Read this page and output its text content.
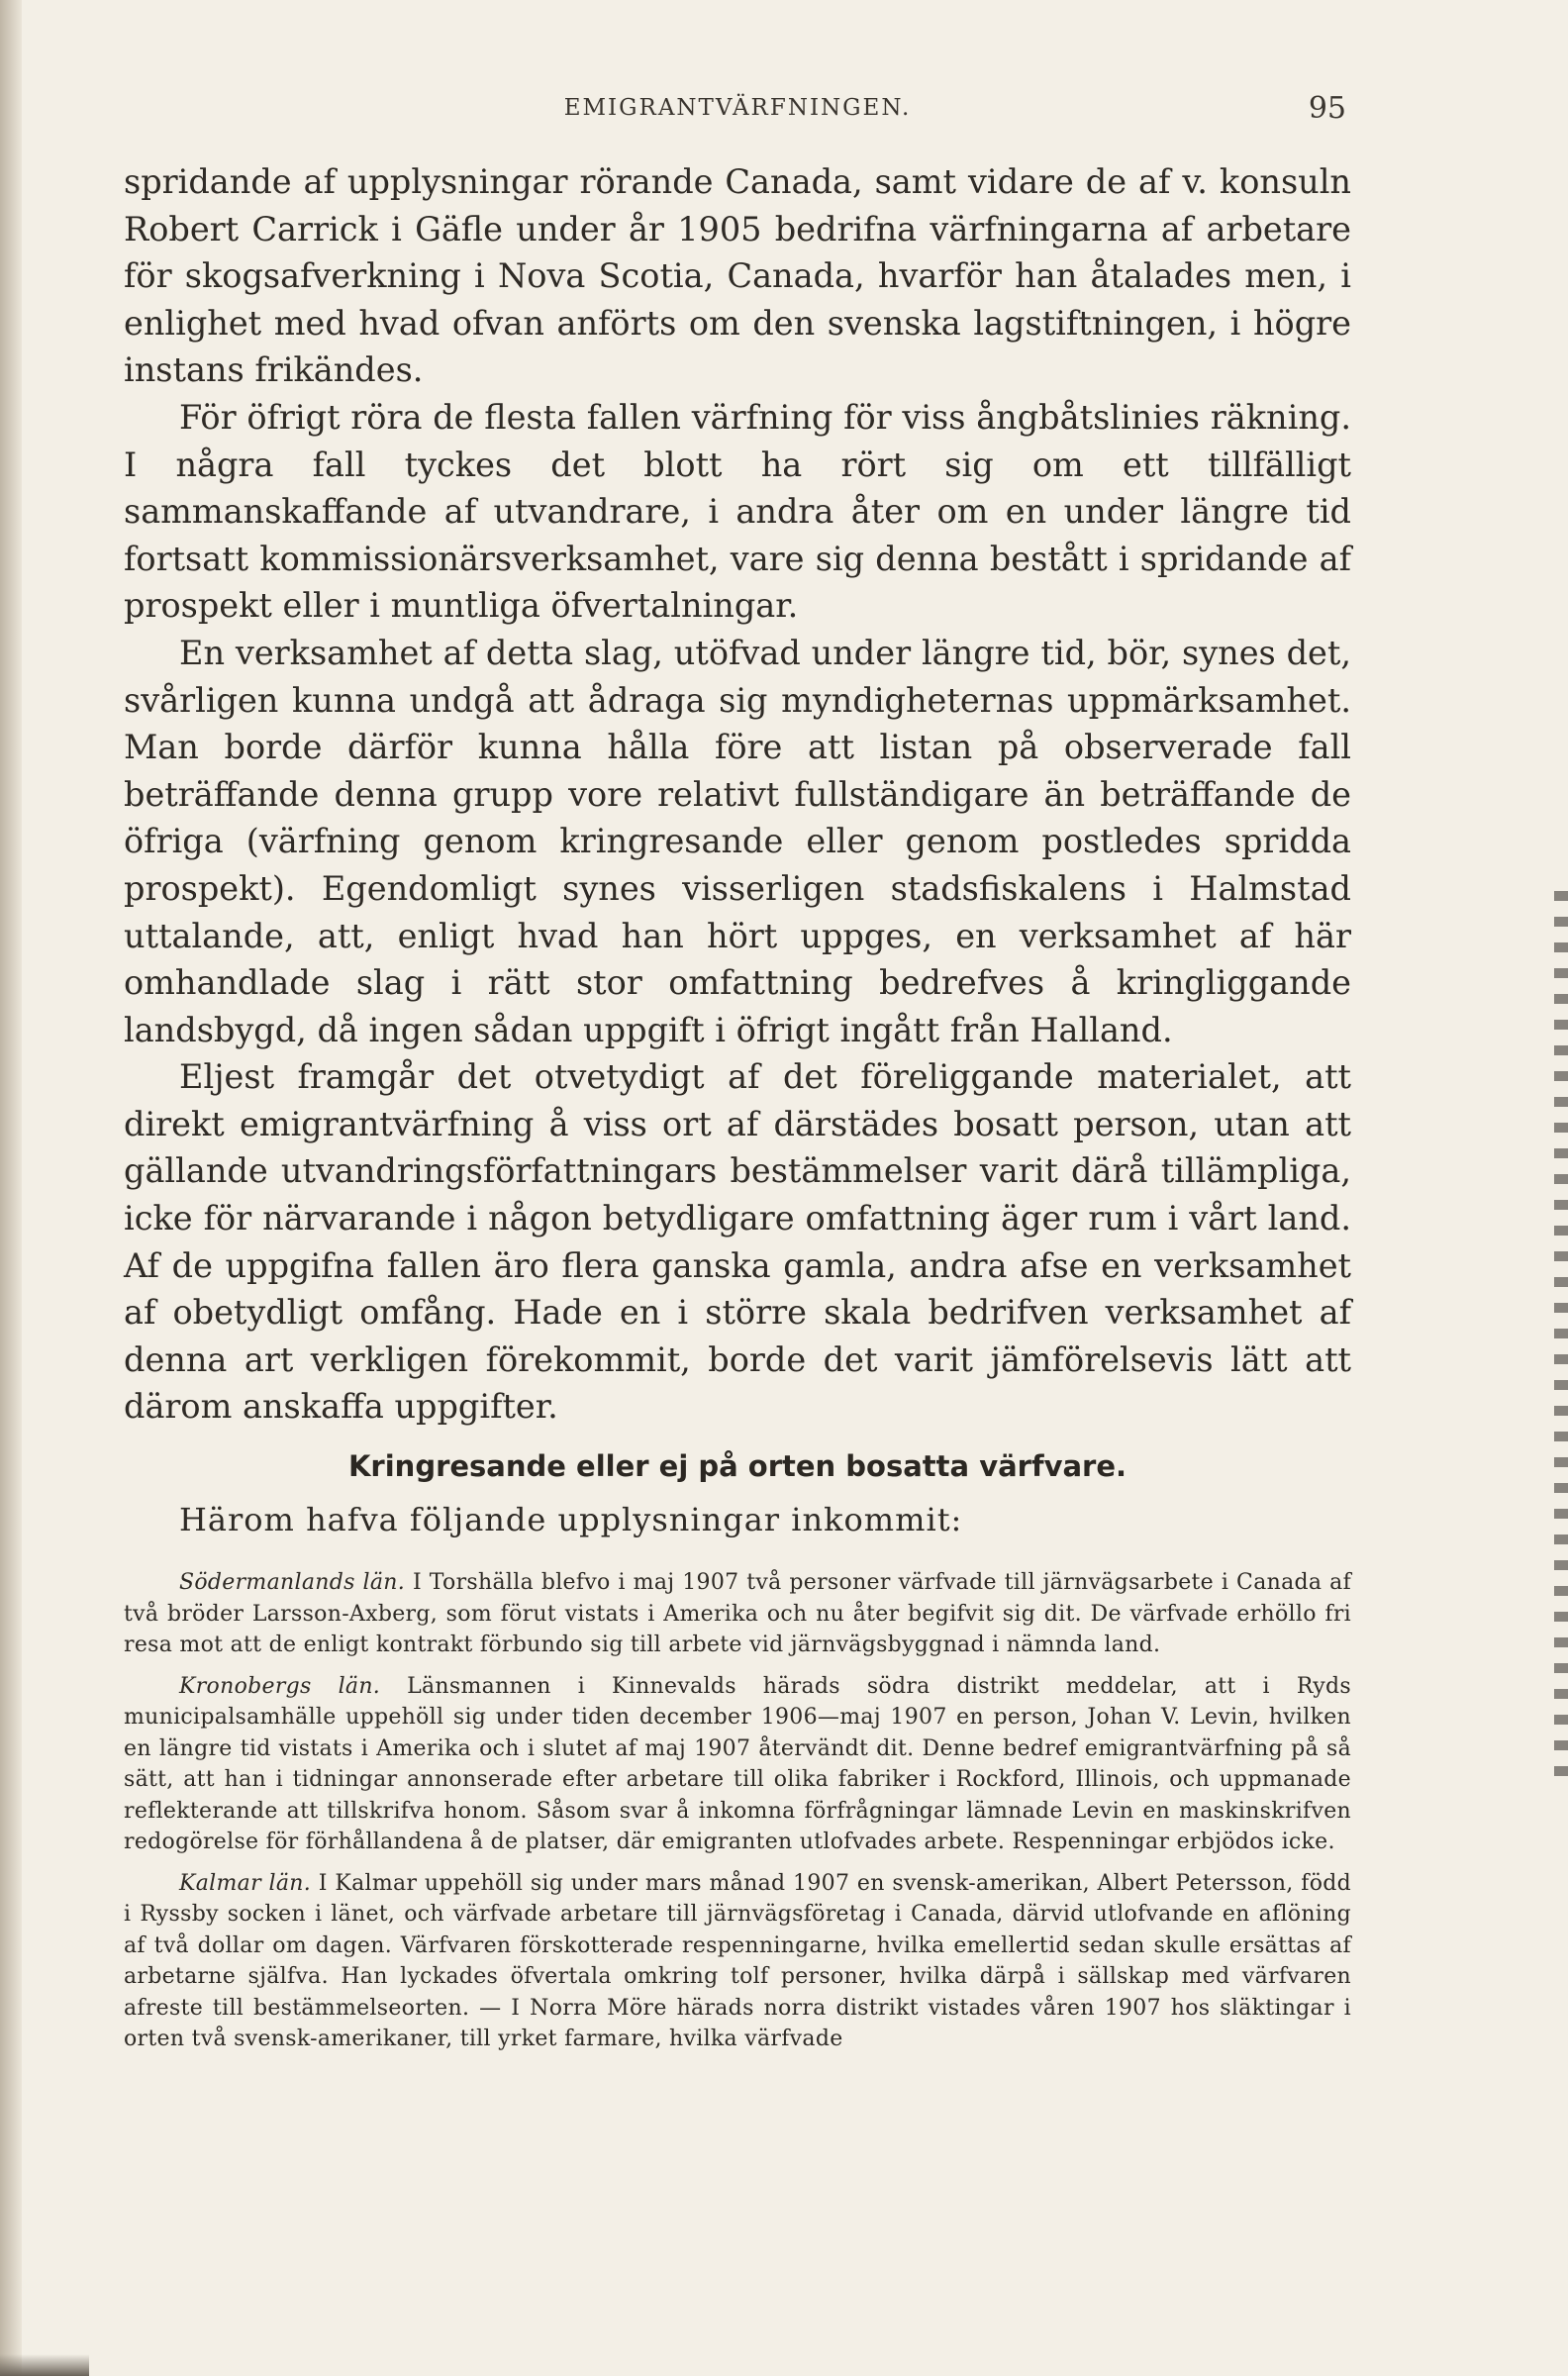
EMIGRANTVÄRFNINGEN.	95

spridande af upplysningar rörande Canada, samt vidare de af v. konsuln Robert Carrick i Gäfle under år 1905 bedrifna värfningarna af arbetare för skogsafverkning i Nova Scotia, Canada, hvarför han åtalades men, i enlighet med hvad ofvan anförts om den svenska lagstiftningen, i högre instans frikändes.

För öfrigt röra de flesta fallen värfning för viss ångbåtslinies räkning. I några fall tyckes det blott ha rört sig om ett tillfälligt sammanskaffande af utvandrare, i andra åter om en under längre tid fortsatt kommissionärsverksamhet, vare sig denna bestått i spridande af prospekt eller i muntliga öfvertalningar.

En verksamhet af detta slag, utöfvad under längre tid, bör, synes det, svårligen kunna undgå att ådraga sig myndigheternas uppmärksamhet. Man borde därför kunna hålla före att listan på observerade fall beträffande denna grupp vore relativt fullständigare än beträffande de öfriga (värfning genom kringresande eller genom postledes spridda prospekt). Egendomligt synes visserligen stadsfiskalens i Halmstad uttalande, att, enligt hvad han hört uppges, en verksamhet af här omhandlade slag i rätt stor omfattning bedrefves å kringliggande landsbygd, då ingen sådan uppgift i öfrigt ingått från Halland.

Eljest framgår det otvetydigt af det föreliggande materialet, att direkt emigrantvärfning å viss ort af därstädes bosatt person, utan att gällande utvandringsförfattningars bestämmelser varit därå tillämpliga, icke för närvarande i någon betydligare omfattning äger rum i vårt land. Af de uppgifna fallen äro flera ganska gamla, andra afse en verksamhet af obetydligt omfång. Hade en i större skala bedrifven verksamhet af denna art verkligen förekommit, borde det varit jämförelsevis lätt att därom anskaffa uppgifter.

Kringresande eller ej på orten bosatta värfvare.
Härom hafva följande upplysningar inkommit:

Södermanlands län. I Torshälla blefvo i maj 1907 två personer värfvade till järnvägsarbete i Canada af två bröder Larsson-Axberg, som förut vistats i Amerika och nu åter begifvit sig dit. De värfvade erhöllo fri resa mot att de enligt kontrakt förbundo sig till arbete vid järnvägsbyggnad i nämnda land.

Kronobergs län. Länsmannen i Kinnevalds härads södra distrikt meddelar, att i Ryds municipalsamhälle uppehöll sig under tiden december 1906—maj 1907 en person, Johan V. Levin, hvilken en längre tid vistats i Amerika och i slutet af maj 1907 återvändt dit. Denne bedref emigrantvärfning på så sätt, att han i tidningar annonserade efter arbetare till olika fabriker i Rockford, Illinois, och uppmanade reflekterande att tillskrifva honom. Såsom svar å inkomna förfrågningar lämnade Levin en maskinskrifven redogörelse för förhållandena å de platser, där emigranten utlofvades arbete. Respenningar erbjödos icke.

Kalmar län. I Kalmar uppehöll sig under mars månad 1907 en svensk-amerikan, Albert Petersson, född i Ryssby socken i länet, och värfvade arbetare till järnvägsföretag i Canada, därvid utlofvande en aflöning af två dollar om dagen. Värfvaren förskotterade respenningarne, hvilka emellertid sedan skulle ersättas af arbetarne själfva. Han lyckades öfvertala omkring tolf personer, hvilka därpå i sällskap med värfvaren afreste till bestämmelseorten. — I Norra Möre härads norra distrikt vistades våren 1907 hos släktingar i orten två svensk-amerikaner, till yrket farmare, hvilka värfvade
